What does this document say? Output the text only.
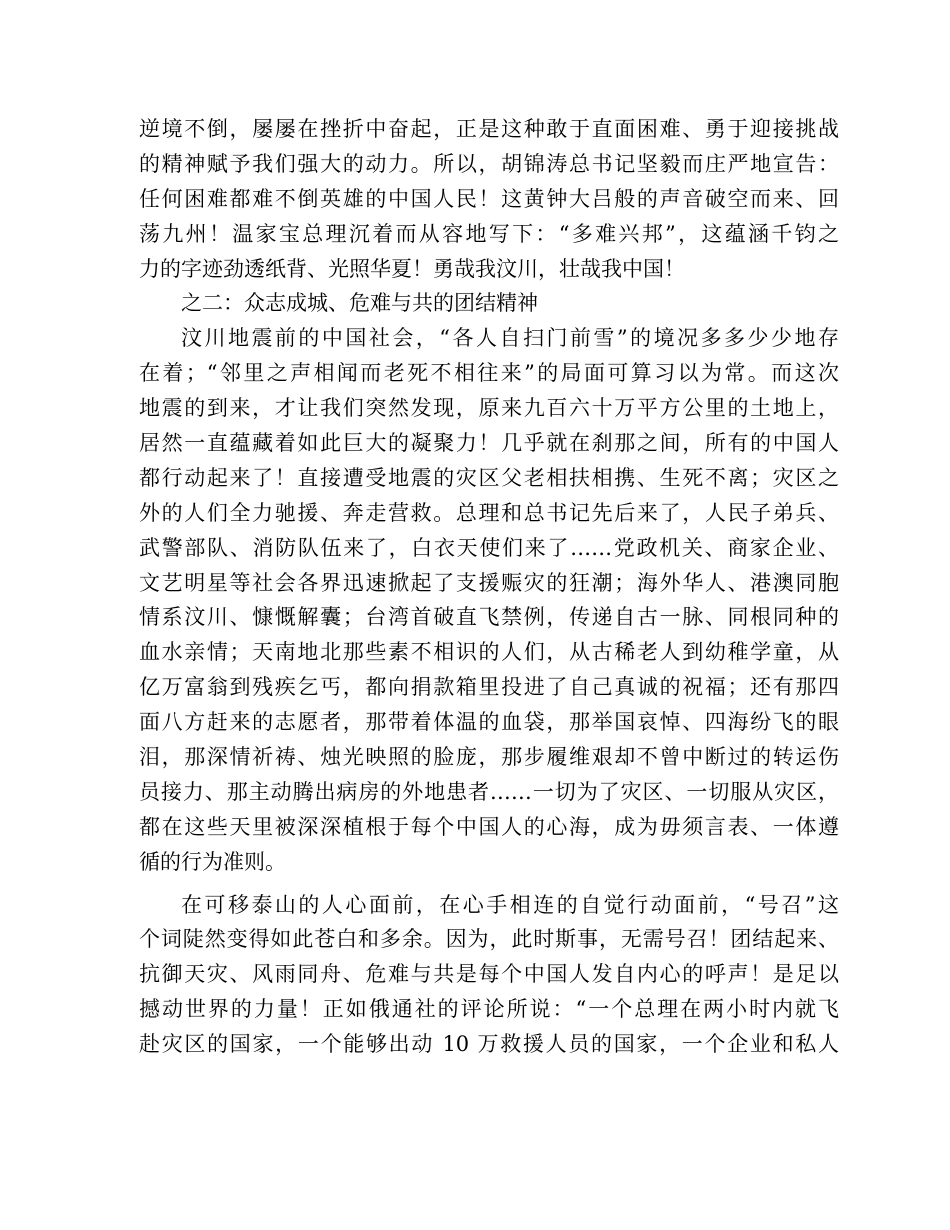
逆境不倒，屡屡在挫折中奋起，正是这种敢于直面困难、勇于迎接挑战
的精神赋予我们强大的动力。所以，胡锦涛总书记坚毅而庄严地宣告：
任何困难都难不倒英雄的中国人民！这黄钟大吕般的声音破空而来、回
荡九州！温家宝总理沉着而从容地写下：“多难兴邦”，这蕴涵千钧之
力的字迹劲透纸背、光照华夏！勇哉我汶川，壮哉我中国！
之二：众志成城、危难与共的团结精神
汶川地震前的中国社会，“各人自扫门前雪”的境况多多少少地存
在着；“邻里之声相闻而老死不相往来”的局面可算习以为常。而这次
地震的到来，才让我们突然发现，原来九百六十万平方公里的土地上，
居然一直蕴藏着如此巨大的凝聚力！几乎就在刹那之间，所有的中国人
都行动起来了！直接遭受地震的灾区父老相扶相携、生死不离；灾区之
外的人们全力驰援、奔走营救。总理和总书记先后来了，人民子弟兵、
武警部队、消防队伍来了，白衣天使们来了……党政机关、商家企业、
文艺明星等社会各界迅速掀起了支援赈灾的狂潮；海外华人、港澳同胞
情系汶川、慷慨解囊；台湾首破直飞禁例，传递自古一脉、同根同种的
血水亲情；天南地北那些素不相识的人们，从古稀老人到幼稚学童，从
亿万富翁到残疾乞丐，都向捐款箱里投进了自己真诚的祝福；还有那四
面八方赶来的志愿者，那带着体温的血袋，那举国哀悼、四海纷飞的眼
泪，那深情祈祷、烛光映照的脸庞，那步履维艰却不曾中断过的转运伤
员接力、那主动腾出病房的外地患者……一切为了灾区、一切服从灾区，
都在这些天里被深深植根于每个中国人的心海，成为毋须言表、一体遵
循的行为准则。
在可移泰山的人心面前，在心手相连的自觉行动面前，“号召”这
个词陡然变得如此苍白和多余。因为，此时斯事，无需号召！团结起来、
抗御天灾、风雨同舟、危难与共是每个中国人发自内心的呼声！是足以
撼动世界的力量！正如俄通社的评论所说：“一个总理在两小时内就飞
赴灾区的国家，一个能够出动 10 万救援人员的国家，一个企业和私人
